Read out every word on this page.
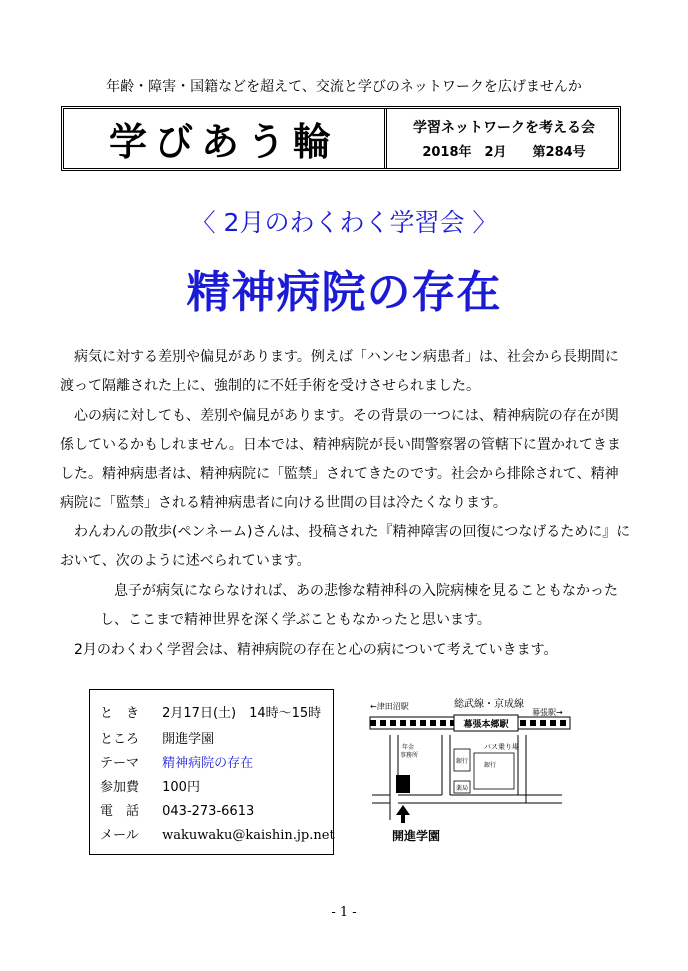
年齢・障害・国籍などを超えて、交流と学びのネットワークを広げませんか
学びあう輪	学習ネットワークを考える会
2018年　2月　　第284号
〈 2月のわくわく学習会 〉
精神病院の存在

病気に対する差別や偏見があります。例えば「ハンセン病患者」は、社会から長期間に渡って隔離された上に、強制的に不妊手術を受けさせられました。

心の病に対しても、差別や偏見があります。その背景の一つには、精神病院の存在が関係しているかもしれません。日本では、精神病院が長い間警察署の管轄下に置かれてきました。精神病患者は、精神病院に「監禁」されてきたのです。社会から排除されて、精神病院に「監禁」される精神病患者に向ける世間の目は冷たくなります。

わんわんの散歩(ペンネーム)さんは、投稿された『精神障害の回復につなげるために』において、次のように述べられています。

息子が病気にならなければ、あの悲惨な精神科の入院病棟を見ることもなかったし、ここまで精神世界を深く学ぶこともなかったと思います。

2月のわくわく学習会は、精神病院の存在と心の病について考えていきます。

と　き 2月17日(土)　14時〜15時
ところ 開進学園
テーマ 精神病院の存在
参加費 100円
電　話 043-273-6613
メール wakuwaku@kaishin.jp.net
幕張本郷駅
←津田沼駅	総武線・京成線
幕張駅→
銀行
薬局
バス乗り場
銀行
年金事務所
開進学園
- 1 -
